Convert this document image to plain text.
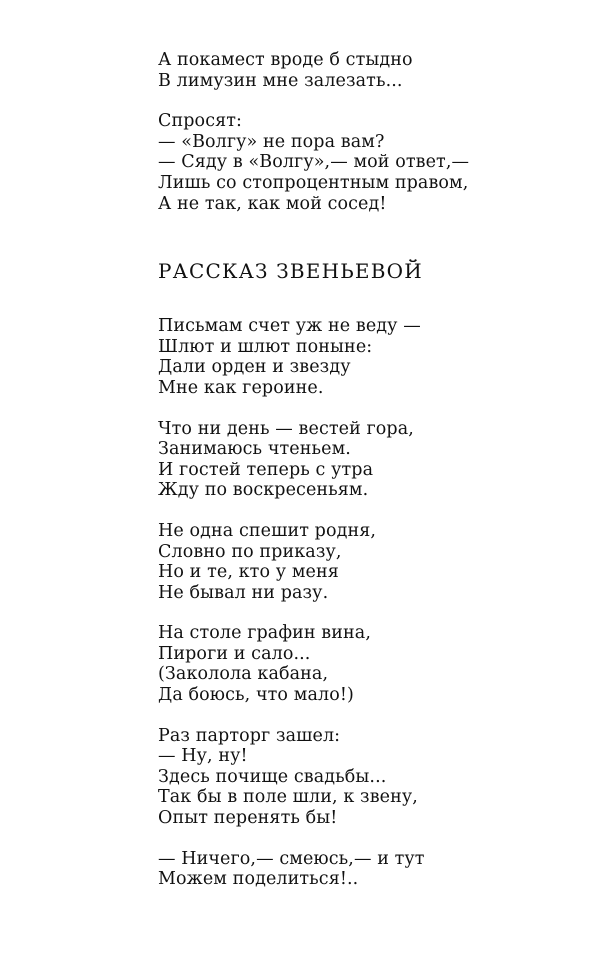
А покамест вроде б стыдно
В лимузин мне залезать...
Спросят:
— «Волгу» не пора вам?
— Сяду в «Волгу»,— мой ответ,—
Лишь со стопроцентным правом,
А не так, как мой сосед!
РАССКАЗ ЗВЕНЬЕВОЙ
Письмам счет уж не веду —
Шлют и шлют поныне:
Дали орден и звезду
Мне как героине.
Что ни день — вестей гора,
Занимаюсь чтеньем.
И гостей теперь с утра
Жду по воскресеньям.
Не одна спешит родня,
Словно по приказу,
Но и те, кто у меня
Не бывал ни разу.
На столе графин вина,
Пироги и сало...
(Заколола кабана,
Да боюсь, что мало!)
Раз парторг зашел:
— Ну, ну!
Здесь почище свадьбы...
Так бы в поле шли, к звену,
Опыт перенять бы!
— Ничего,— смеюсь,— и тут
Можем поделиться!..
